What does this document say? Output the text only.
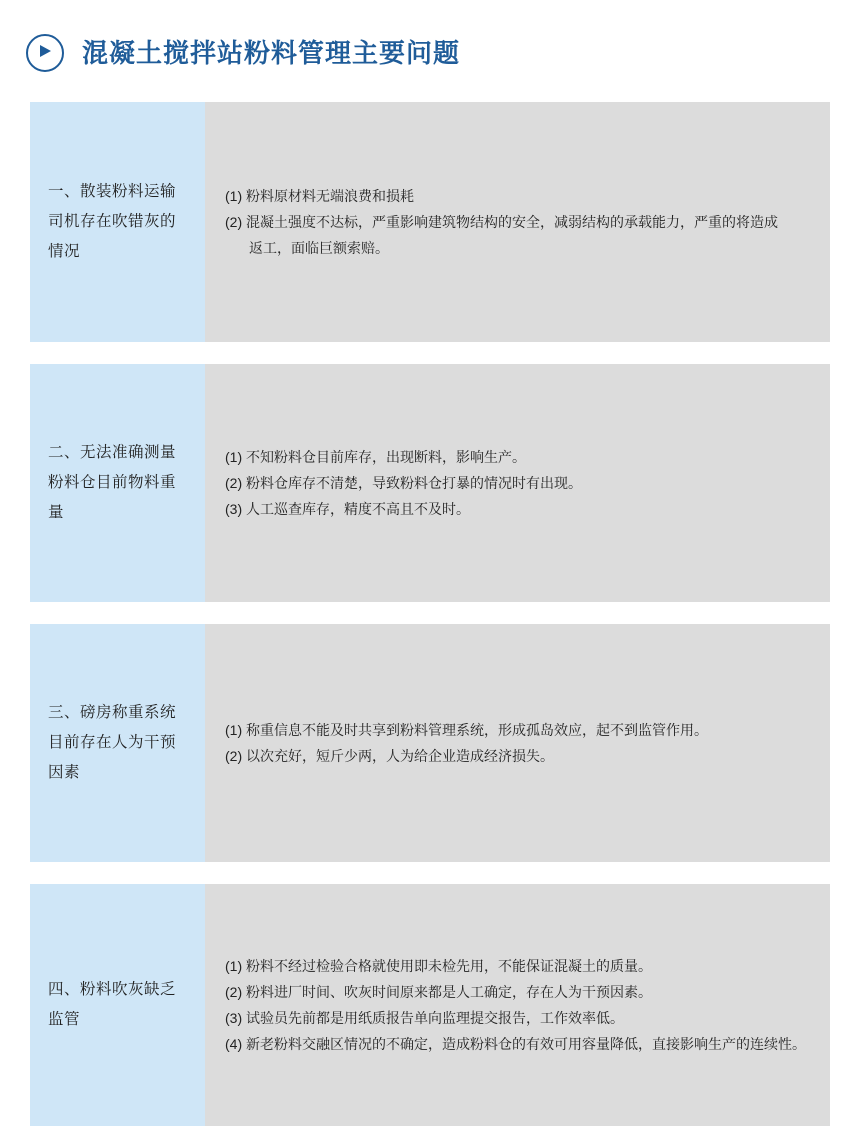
混凝土搅拌站粉料管理主要问题
一、散装粉料运输司机存在吹错灰的情况
(1) 粉料原材料无端浪费和损耗
(2) 混凝土强度不达标，严重影响建筑物结构的安全，减弱结构的承载能力，严重的将造成
返工，面临巨额索赔。
二、无法准确测量粉料仓目前物料重量
(1) 不知粉料仓目前库存，出现断料，影响生产。
(2) 粉料仓库存不清楚，导致粉料仓打暴的情况时有出现。
(3) 人工巡查库存，精度不高且不及时。
三、磅房称重系统目前存在人为干预因素
(1) 称重信息不能及时共享到粉料管理系统，形成孤岛效应，起不到监管作用。
(2) 以次充好，短斤少两，人为给企业造成经济损失。
四、粉料吹灰缺乏监管
(1) 粉料不经过检验合格就使用即未检先用，不能保证混凝土的质量。
(2) 粉料进厂时间、吹灰时间原来都是人工确定，存在人为干预因素。
(3) 试验员先前都是用纸质报告单向监理提交报告，工作效率低。
(4) 新老粉料交融区情况的不确定，造成粉料仓的有效可用容量降低，直接影响生产的连续性。
